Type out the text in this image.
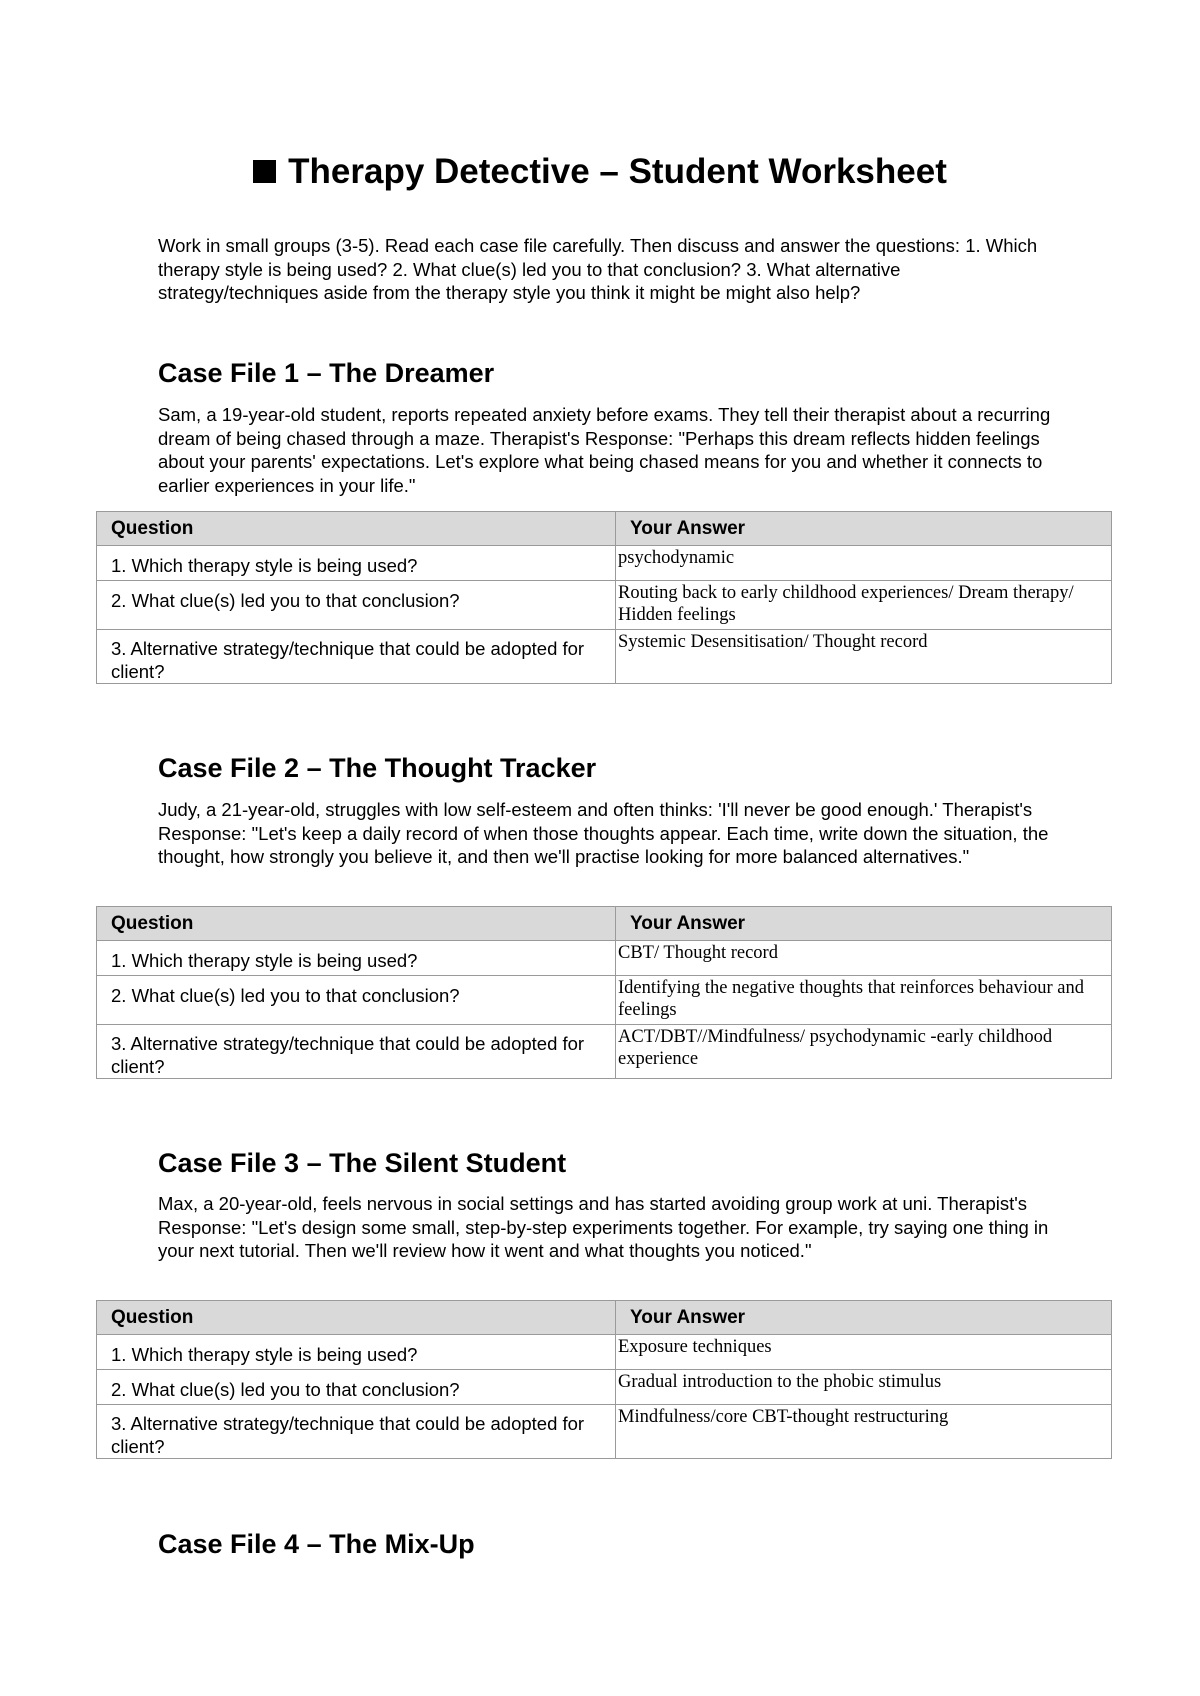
Therapy Detective – Student Worksheet
Work in small groups (3-5). Read each case file carefully. Then discuss and answer the questions: 1. Which therapy style is being used? 2. What clue(s) led you to that conclusion? 3. What alternative strategy/techniques aside from the therapy style you think it might be might also help?
Case File 1 – The Dreamer
Sam, a 19-year-old student, reports repeated anxiety before exams. They tell their therapist about a recurring dream of being chased through a maze. Therapist's Response: "Perhaps this dream reflects hidden feelings about your parents' expectations. Let's explore what being chased means for you and whether it connects to earlier experiences in your life."
Question	Your Answer
1. Which therapy style is being used?	psychodynamic
2. What clue(s) led you to that conclusion?	Routing back to early childhood experiences/ Dream therapy/ Hidden feelings
3. Alternative strategy/technique that could be adopted for client?	Systemic Desensitisation/ Thought record
Case File 2 – The Thought Tracker
Judy, a 21-year-old, struggles with low self-esteem and often thinks: 'I'll never be good enough.' Therapist's Response: "Let's keep a daily record of when those thoughts appear. Each time, write down the situation, the thought, how strongly you believe it, and then we'll practise looking for more balanced alternatives."
Question	Your Answer
1. Which therapy style is being used?	CBT/ Thought record
2. What clue(s) led you to that conclusion?	Identifying the negative thoughts that reinforces behaviour and feelings
3. Alternative strategy/technique that could be adopted for client?	ACT/DBT//Mindfulness/ psychodynamic -early childhood experience
Case File 3 – The Silent Student
Max, a 20-year-old, feels nervous in social settings and has started avoiding group work at uni. Therapist's Response: "Let's design some small, step-by-step experiments together. For example, try saying one thing in your next tutorial. Then we'll review how it went and what thoughts you noticed."
Question	Your Answer
1. Which therapy style is being used?	Exposure techniques
2. What clue(s) led you to that conclusion?	Gradual introduction to the phobic stimulus
3. Alternative strategy/technique that could be adopted for client?	Mindfulness/core CBT-thought restructuring
Case File 4 – The Mix-Up
